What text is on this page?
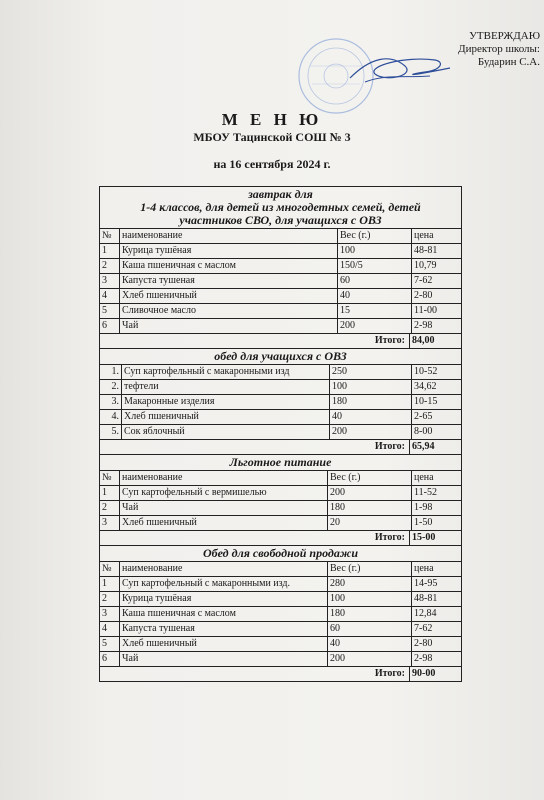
УТВЕРЖДАЮ
Директор школы:
Бударин С.А.
М Е Н Ю
МБОУ Тацинской СОШ № 3
на 16 сентября 2024 г.
завтрак для
1-4 классов, для детей из многодетных семей, детей
участников СВО, для учащихся с ОВЗ
№	наименование	Вес (г.)	цена
1	Курица тушёная	100	48-81
2	Каша пшеничная с маслом	150/5	10,79
3	Капуста тушеная	60	7-62
4	Хлеб пшеничный	40	2-80
5	Сливочное масло	15	11-00
6	Чай	200	2-98
Итого: 84,00
обед для учащихся с ОВЗ
1. Суп картофельный с макаронными изд	250	10-52
2. тефтели	100	34,62
3. Макаронные изделия	180	10-15
4. Хлеб пшеничный	40	2-65
5. Сок яблочный	200	8-00
Итого: 65,94
Льготное питание
№	наименование	Вес (г.)	цена
1	Суп картофельный с вермишелью	200	11-52
2	Чай	180	1-98
3	Хлеб пшеничный	20	1-50
Итого: 15-00
Обед для свободной продажи
№	наименование	Вес (г.)	цена
1	Суп картофельный с макаронными изд.	280	14-95
2	Курица тушёная	100	48-81
3	Каша пшеничная с маслом	180	12,84
4	Капуста тушеная	60	7-62
5	Хлеб пшеничный	40	2-80
6	Чай	200	2-98
Итого: 90-00
